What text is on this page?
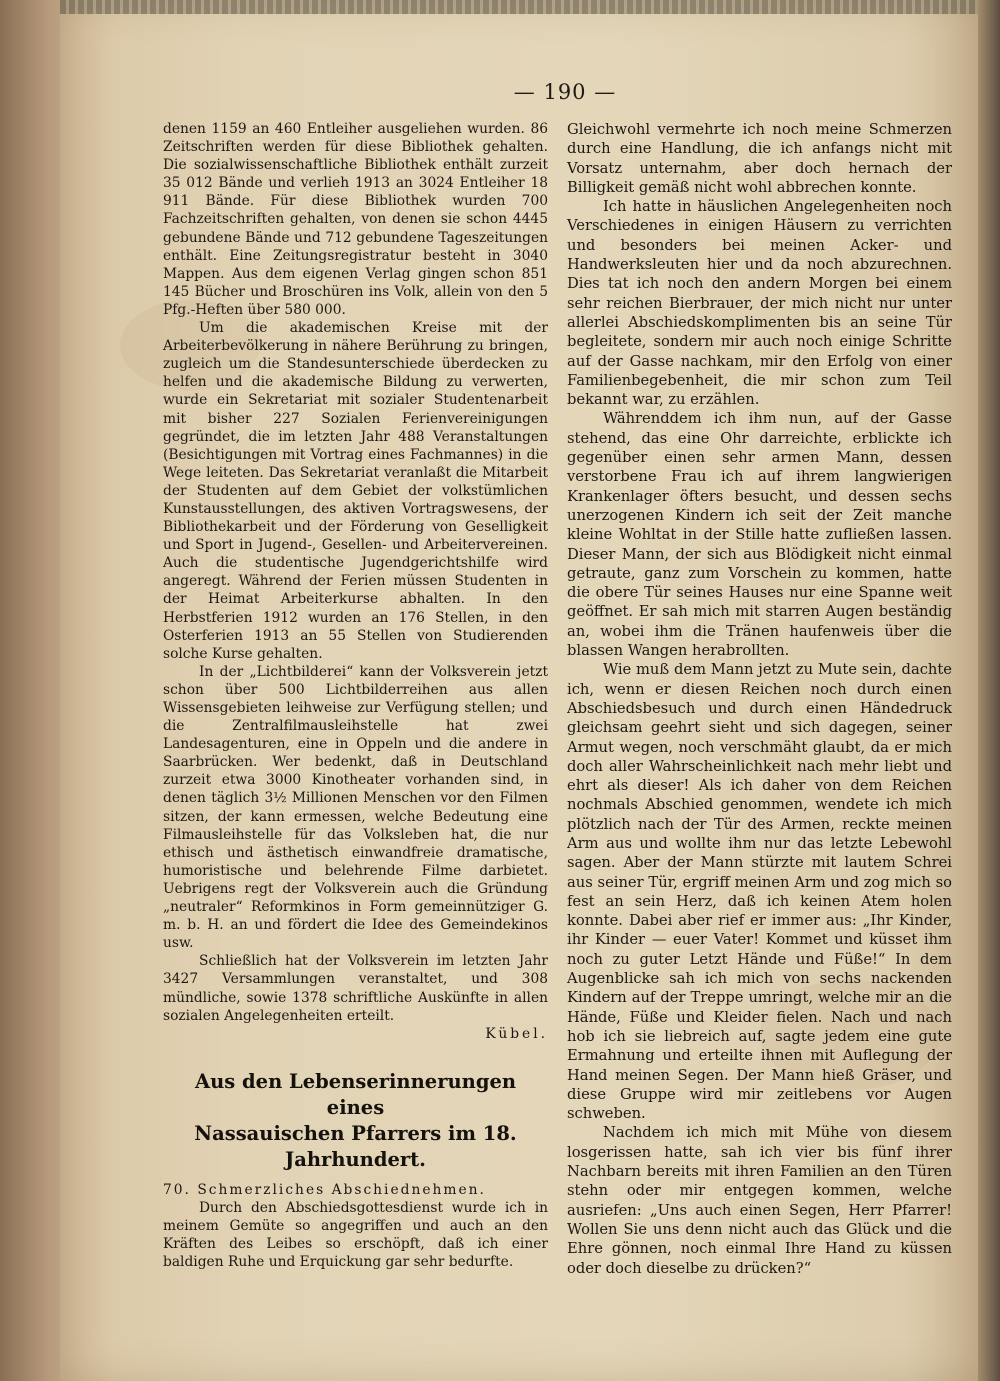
— 190 —

denen 1159 an 460 Entleiher ausgeliehen wurden. 86 Zeitschriften werden für diese Bibliothek gehalten. Die sozialwissenschaftliche Bibliothek enthält zurzeit 35 012 Bände und verlieh 1913 an 3024 Entleiher 18 911 Bände. Für diese Bibliothek wurden 700 Fachzeitschriften gehalten, von denen sie schon 4445 gebundene Bände und 712 gebundene Tageszeitungen enthält. Eine Zeitungsregistratur besteht in 3040 Mappen. Aus dem eigenen Verlag gingen schon 851 145 Bücher und Broschüren ins Volk, allein von den 5 Pfg.-Heften über 580 000.

Um die akademischen Kreise mit der Arbeiterbevölkerung in nähere Berührung zu bringen, zugleich um die Standesunterschiede überdecken zu helfen und die akademische Bildung zu verwerten, wurde ein Sekretariat mit sozialer Studentenarbeit mit bisher 227 Sozialen Ferienvereinigungen gegründet, die im letzten Jahr 488 Veranstaltungen (Besichtigungen mit Vortrag eines Fachmannes) in die Wege leiteten. Das Sekretariat veranlaßt die Mitarbeit der Studenten auf dem Gebiet der volkstümlichen Kunstausstellungen, des aktiven Vortragswesens, der Bibliothekarbeit und der Förderung von Geselligkeit und Sport in Jugend-, Gesellen- und Arbeitervereinen. Auch die studentische Jugendgerichtshilfe wird angeregt. Während der Ferien müssen Studenten in der Heimat Arbeiterkurse abhalten. In den Herbstferien 1912 wurden an 176 Stellen, in den Osterferien 1913 an 55 Stellen von Studierenden solche Kurse gehalten.

In der „Lichtbilderei“ kann der Volksverein jetzt schon über 500 Lichtbilderreihen aus allen Wissensgebieten leihweise zur Verfügung stellen; und die Zentralfilmausleihstelle hat zwei Landesagenturen, eine in Oppeln und die andere in Saarbrücken. Wer bedenkt, daß in Deutschland zurzeit etwa 3000 Kinotheater vorhanden sind, in denen täglich 3½ Millionen Menschen vor den Filmen sitzen, der kann ermessen, welche Bedeutung eine Filmausleihstelle für das Volksleben hat, die nur ethisch und ästhetisch einwandfreie dramatische, humoristische und belehrende Filme darbietet. Uebrigens regt der Volksverein auch die Gründung „neutraler“ Reformkinos in Form gemeinnütziger G. m. b. H. an und fördert die Idee des Gemeindekinos usw.

Schließlich hat der Volksverein im letzten Jahr 3427 Versammlungen veranstaltet, und 308 mündliche, sowie 1378 schriftliche Auskünfte in allen sozialen Angelegenheiten erteilt.
Kübel.

Aus den Lebenserinnerungen eines
Nassauischen Pfarrers im 18. Jahrhundert.

70. Schmerzliches Abschiednehmen.

Durch den Abschiedsgottesdienst wurde ich in meinem Gemüte so angegriffen und auch an den Kräften des Leibes so erschöpft, daß ich einer baldigen Ruhe und Erquickung gar sehr bedurfte.

Gleichwohl vermehrte ich noch meine Schmerzen durch eine Handlung, die ich anfangs nicht mit Vorsatz unternahm, aber doch hernach der Billigkeit gemäß nicht wohl abbrechen konnte.

Ich hatte in häuslichen Angelegenheiten noch Verschiedenes in einigen Häusern zu verrichten und besonders bei meinen Acker- und Handwerksleuten hier und da noch abzurechnen. Dies tat ich noch den andern Morgen bei einem sehr reichen Bierbrauer, der mich nicht nur unter allerlei Abschiedskomplimenten bis an seine Tür begleitete, sondern mir auch noch einige Schritte auf der Gasse nachkam, mir den Erfolg von einer Familienbegebenheit, die mir schon zum Teil bekannt war, zu erzählen.

Währenddem ich ihm nun, auf der Gasse stehend, das eine Ohr darreichte, erblickte ich gegenüber einen sehr armen Mann, dessen verstorbene Frau ich auf ihrem langwierigen Krankenlager öfters besucht, und dessen sechs unerzogenen Kindern ich seit der Zeit manche kleine Wohltat in der Stille hatte zufließen lassen. Dieser Mann, der sich aus Blödigkeit nicht einmal getraute, ganz zum Vorschein zu kommen, hatte die obere Tür seines Hauses nur eine Spanne weit geöffnet. Er sah mich mit starren Augen beständig an, wobei ihm die Tränen haufenweis über die blassen Wangen herabrollten.

Wie muß dem Mann jetzt zu Mute sein, dachte ich, wenn er diesen Reichen noch durch einen Abschiedsbesuch und durch einen Händedruck gleichsam geehrt sieht und sich dagegen, seiner Armut wegen, noch verschmäht glaubt, da er mich doch aller Wahrscheinlichkeit nach mehr liebt und ehrt als dieser! Als ich daher von dem Reichen nochmals Abschied genommen, wendete ich mich plötzlich nach der Tür des Armen, reckte meinen Arm aus und wollte ihm nur das letzte Lebewohl sagen. Aber der Mann stürzte mit lautem Schrei aus seiner Tür, ergriff meinen Arm und zog mich so fest an sein Herz, daß ich keinen Atem holen konnte. Dabei aber rief er immer aus: „Ihr Kinder, ihr Kinder — euer Vater! Kommet und küsset ihm noch zu guter Letzt Hände und Füße!“ In dem Augenblicke sah ich mich von sechs nackenden Kindern auf der Treppe umringt, welche mir an die Hände, Füße und Kleider fielen. Nach und nach hob ich sie liebreich auf, sagte jedem eine gute Ermahnung und erteilte ihnen mit Auflegung der Hand meinen Segen. Der Mann hieß Gräser, und diese Gruppe wird mir zeitlebens vor Augen schweben.

Nachdem ich mich mit Mühe von diesem losgerissen hatte, sah ich vier bis fünf ihrer Nachbarn bereits mit ihren Familien an den Türen stehn oder mir entgegen kommen, welche ausriefen: „Uns auch einen Segen, Herr Pfarrer! Wollen Sie uns denn nicht auch das Glück und die Ehre gönnen, noch einmal Ihre Hand zu küssen oder doch dieselbe zu drücken?“
